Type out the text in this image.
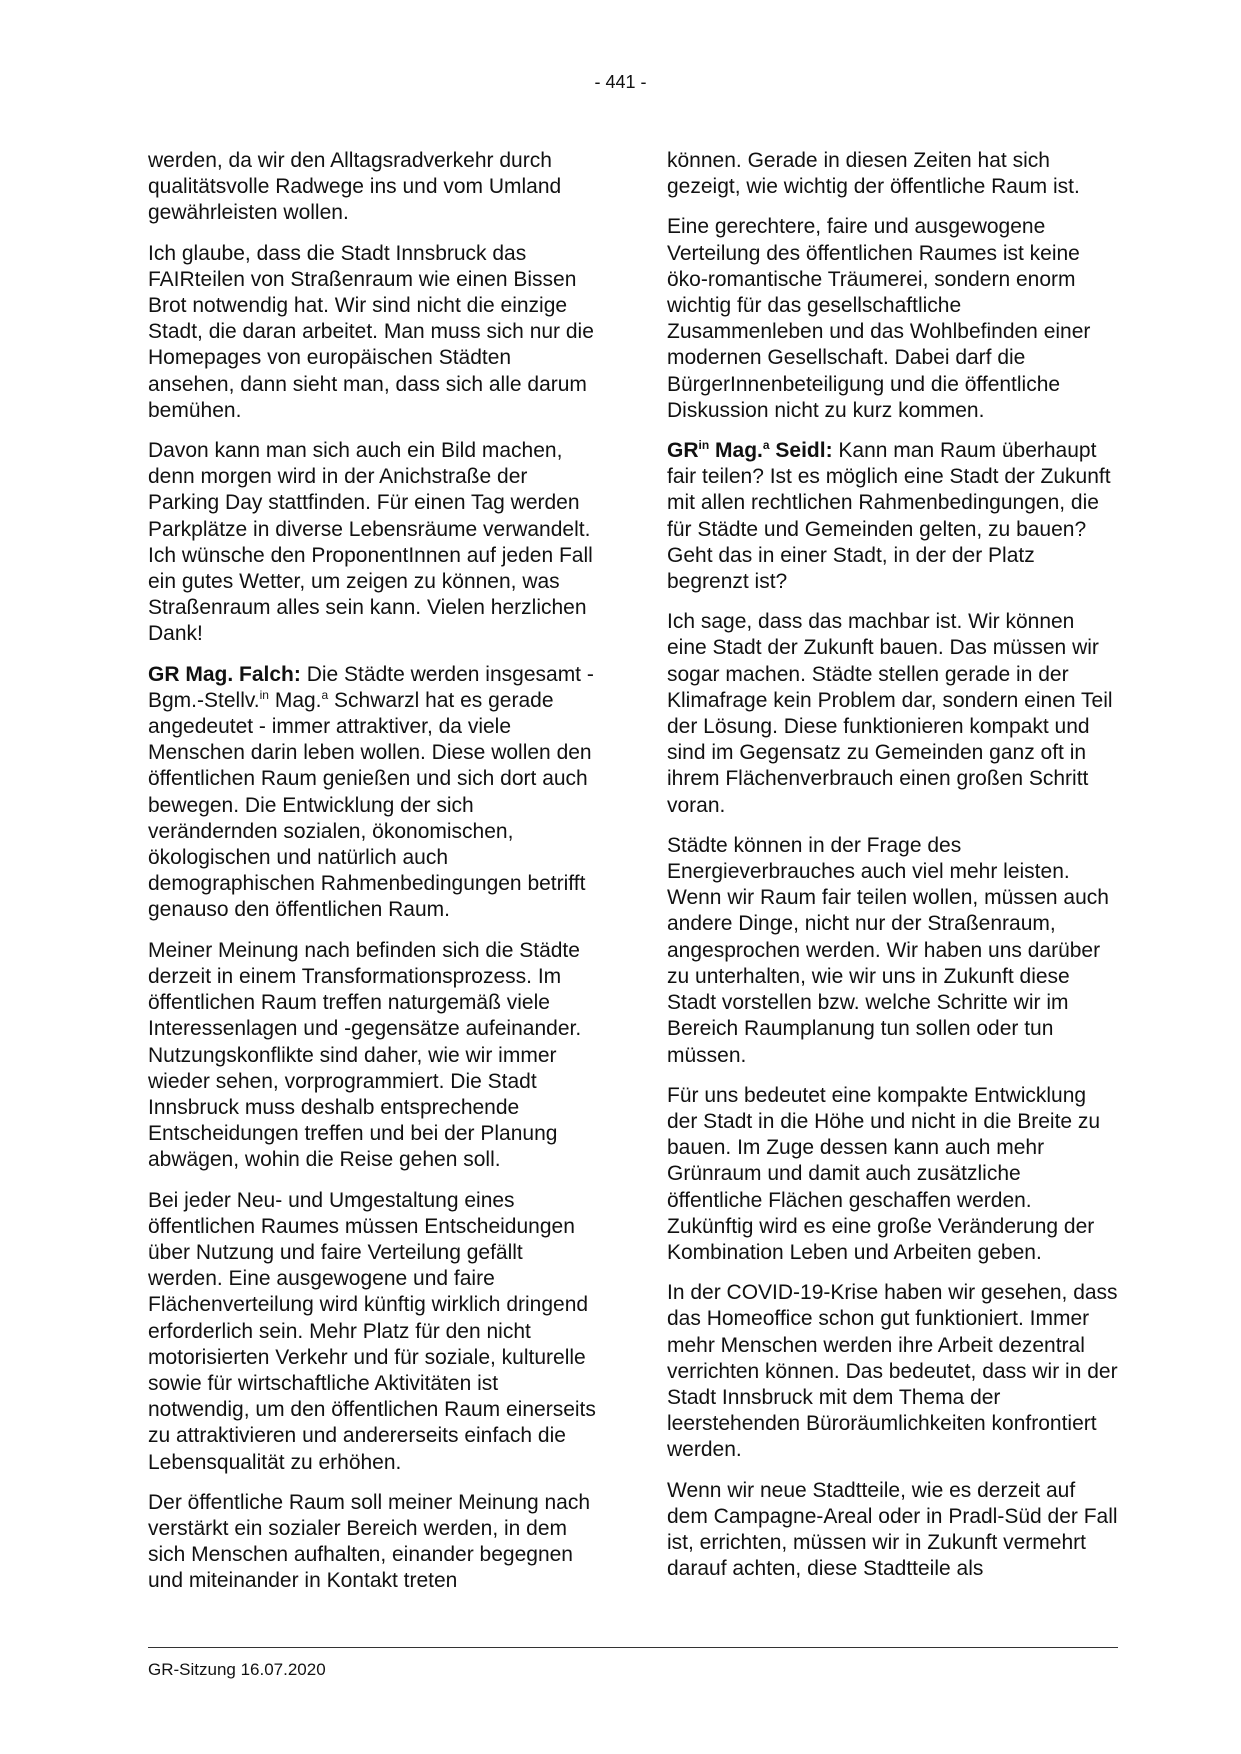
- 441 -

werden, da wir den Alltagsradverkehr durch qualitätsvolle Radwege ins und vom Umland gewährleisten wollen.

Ich glaube, dass die Stadt Innsbruck das FAIRteilen von Straßenraum wie einen Bissen Brot notwendig hat. Wir sind nicht die einzige Stadt, die daran arbeitet. Man muss sich nur die Homepages von europäischen Städten ansehen, dann sieht man, dass sich alle darum bemühen.

Davon kann man sich auch ein Bild machen, denn morgen wird in der Anichstraße der Parking Day stattfinden. Für einen Tag werden Parkplätze in diverse Lebensräume verwandelt. Ich wünsche den ProponentInnen auf jeden Fall ein gutes Wetter, um zeigen zu können, was Straßenraum alles sein kann. Vielen herzlichen Dank!

GR Mag. Falch: Die Städte werden insgesamt - Bgm.-Stellv.$^{in}$ Mag.$^a$ Schwarzl hat es gerade angedeutet - immer attraktiver, da viele Menschen darin leben wollen. Diese wollen den öffentlichen Raum genießen und sich dort auch bewegen. Die Entwicklung der sich verändernden sozialen, ökonomischen, ökologischen und natürlich auch demographischen Rahmenbedingungen betrifft genauso den öffentlichen Raum.

Meiner Meinung nach befinden sich die Städte derzeit in einem Transformationsprozess. Im öffentlichen Raum treffen naturgemäß viele Interessenlagen und -gegensätze aufeinander. Nutzungskonflikte sind daher, wie wir immer wieder sehen, vorprogrammiert. Die Stadt Innsbruck muss deshalb entsprechende Entscheidungen treffen und bei der Planung abwägen, wohin die Reise gehen soll.

Bei jeder Neu- und Umgestaltung eines öffentlichen Raumes müssen Entscheidungen über Nutzung und faire Verteilung gefällt werden. Eine ausgewogene und faire Flächenverteilung wird künftig wirklich dringend erforderlich sein. Mehr Platz für den nicht motorisierten Verkehr und für soziale, kulturelle sowie für wirtschaftliche Aktivitäten ist notwendig, um den öffentlichen Raum einerseits zu attraktivieren und andererseits einfach die Lebensqualität zu erhöhen.

Der öffentliche Raum soll meiner Meinung nach verstärkt ein sozialer Bereich werden, in dem sich Menschen aufhalten, einander begegnen und miteinander in Kontakt treten

können. Gerade in diesen Zeiten hat sich gezeigt, wie wichtig der öffentliche Raum ist.

Eine gerechtere, faire und ausgewogene Verteilung des öffentlichen Raumes ist keine öko-romantische Träumerei, sondern enorm wichtig für das gesellschaftliche Zusammenleben und das Wohlbefinden einer modernen Gesellschaft. Dabei darf die BürgerInnenbeteiligung und die öffentliche Diskussion nicht zu kurz kommen.

$GR^{in}$ Mag.$^a$ Seidl: Kann man Raum überhaupt fair teilen? Ist es möglich eine Stadt der Zukunft mit allen rechtlichen Rahmenbedingungen, die für Städte und Gemeinden gelten, zu bauen? Geht das in einer Stadt, in der der Platz begrenzt ist?

Ich sage, dass das machbar ist. Wir können eine Stadt der Zukunft bauen. Das müssen wir sogar machen. Städte stellen gerade in der Klimafrage kein Problem dar, sondern einen Teil der Lösung. Diese funktionieren kompakt und sind im Gegensatz zu Gemeinden ganz oft in ihrem Flächenverbrauch einen großen Schritt voran.

Städte können in der Frage des Energieverbrauches auch viel mehr leisten. Wenn wir Raum fair teilen wollen, müssen auch andere Dinge, nicht nur der Straßenraum, angesprochen werden. Wir haben uns darüber zu unterhalten, wie wir uns in Zukunft diese Stadt vorstellen bzw. welche Schritte wir im Bereich Raumplanung tun sollen oder tun müssen.

Für uns bedeutet eine kompakte Entwicklung der Stadt in die Höhe und nicht in die Breite zu bauen. Im Zuge dessen kann auch mehr Grünraum und damit auch zusätzliche öffentliche Flächen geschaffen werden. Zukünftig wird es eine große Veränderung der Kombination Leben und Arbeiten geben.

In der COVID-19-Krise haben wir gesehen, dass das Homeoffice schon gut funktioniert. Immer mehr Menschen werden ihre Arbeit dezentral verrichten können. Das bedeutet, dass wir in der Stadt Innsbruck mit dem Thema der leerstehenden Büroräumlichkeiten konfrontiert werden.

Wenn wir neue Stadtteile, wie es derzeit auf dem Campagne-Areal oder in Pradl-Süd der Fall ist, errichten, müssen wir in Zukunft vermehrt darauf achten, diese Stadtteile als

GR-Sitzung 16.07.2020
